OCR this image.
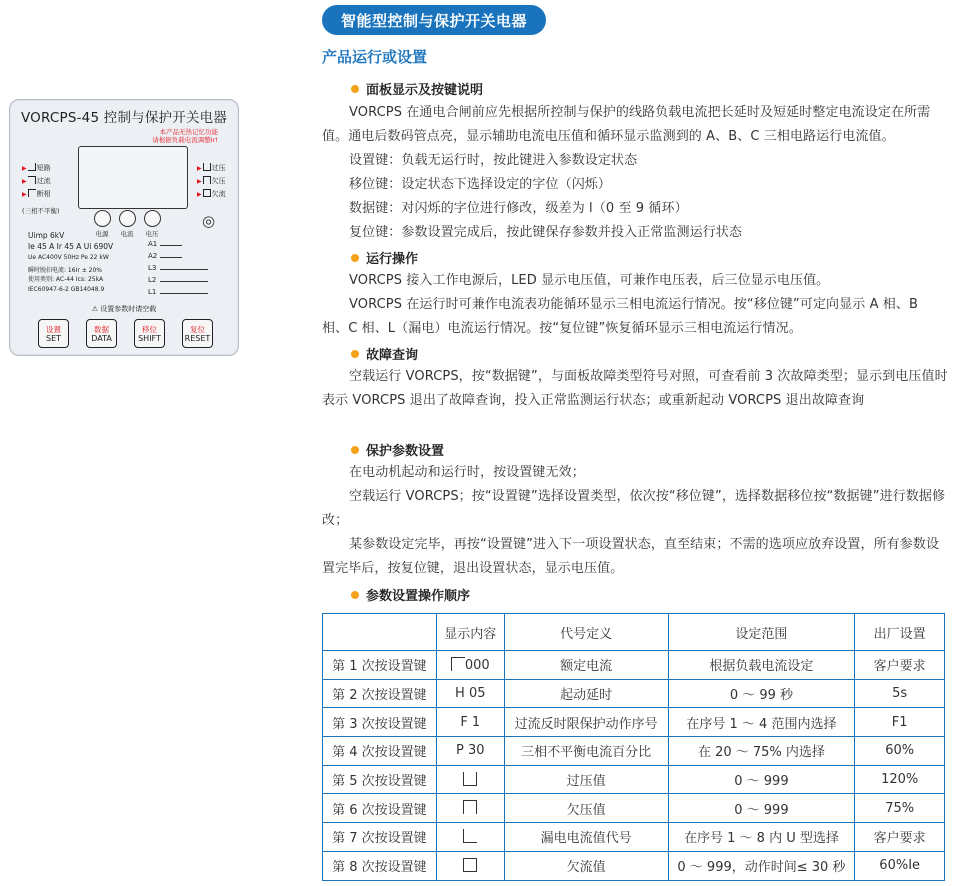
VORCPS-45 控制与保护开关电器
本产品无热记忆功能
请根据负载电流调整Ir!
▶ 短路
▶ 过流
▶ 断相
▶ 过压
▶ 欠压
▶ 欠流
(三相不平衡)
电源	电流	电压
◎
Uimp 6kV
Ie 45 A Ir 45 A Ui 690V
Ue AC400V 50Hz Pe 22 kW
瞬时脱扣电流: 16Ir ± 20%
使用类别: AC-44 Ics: 25kA
IEC60947-6-2 GB14048.9
A1
A2
L3
L2
L1
⚠ 设置参数时请空载
设置
SET
数据
DATA
移位
SHIFT
复位
RESET
智能型控制与保护开关电器
产品运行或设置
面板显示及按键说明
VORCPS 在通电合闸前应先根据所控制与保护的线路负载电流把长延时及短延时整定电流设定在所需值。通电后数码管点亮，显示辅助电流电压值和循环显示监测到的 A、B、C 三相电路运行电流值。
设置键：负载无运行时，按此键进入参数设定状态
移位键：设定状态下选择设定的字位（闪烁）
数据键：对闪烁的字位进行修改，级差为 l（0 至 9 循环）
复位键：参数设置完成后，按此键保存参数并投入正常监测运行状态
运行操作
VORCPS 接入工作电源后，LED 显示电压值，可兼作电压表，后三位显示电压值。
VORCPS 在运行时可兼作电流表功能循环显示三相电流运行情况。按“移位键”可定向显示 A 相、B 相、C 相、L（漏电）电流运行情况。按“复位键”恢复循环显示三相电流运行情况。
故障查询
空载运行 VORCPS，按“数据键”，与面板故障类型符号对照，可查看前 3 次故障类型；显示到电压值时表示 VORCPS 退出了故障查询，投入正常监测运行状态；或重新起动 VORCPS 退出故障查询
保护参数设置
在电动机起动和运行时，按设置键无效；
空载运行 VORCPS；按“设置键”选择设置类型，依次按“移位键”，选择数据移位按“数据键”进行数据修改；
某参数设定完毕，再按“设置键”进入下一项设置状态，直至结束；不需的选项应放弃设置，所有参数设置完毕后，按复位键，退出设置状态，显示电压值。
参数设置操作顺序
	显示内容	代号定义	设定范围	出厂设置
第 1 次按设置键	000	额定电流	根据负载电流设定	客户要求
第 2 次按设置键	H 05	起动延时	0 ～ 99 秒	5s
第 3 次按设置键	F 1	过流反时限保护动作序号	在序号 1 ～ 4 范围内选择	F1
第 4 次按设置键	P 30	三相不平衡电流百分比	在 20 ～ 75% 内选择	60%
第 5 次按设置键		过压值	0 ～ 999	120%
第 6 次按设置键		欠压值	0 ～ 999	75%
第 7 次按设置键		漏电电流值代号	在序号 1 ～ 8 内 U 型选择	客户要求
第 8 次按设置键		欠流值	0 ～ 999，动作时间≤ 30 秒	60%Ie
